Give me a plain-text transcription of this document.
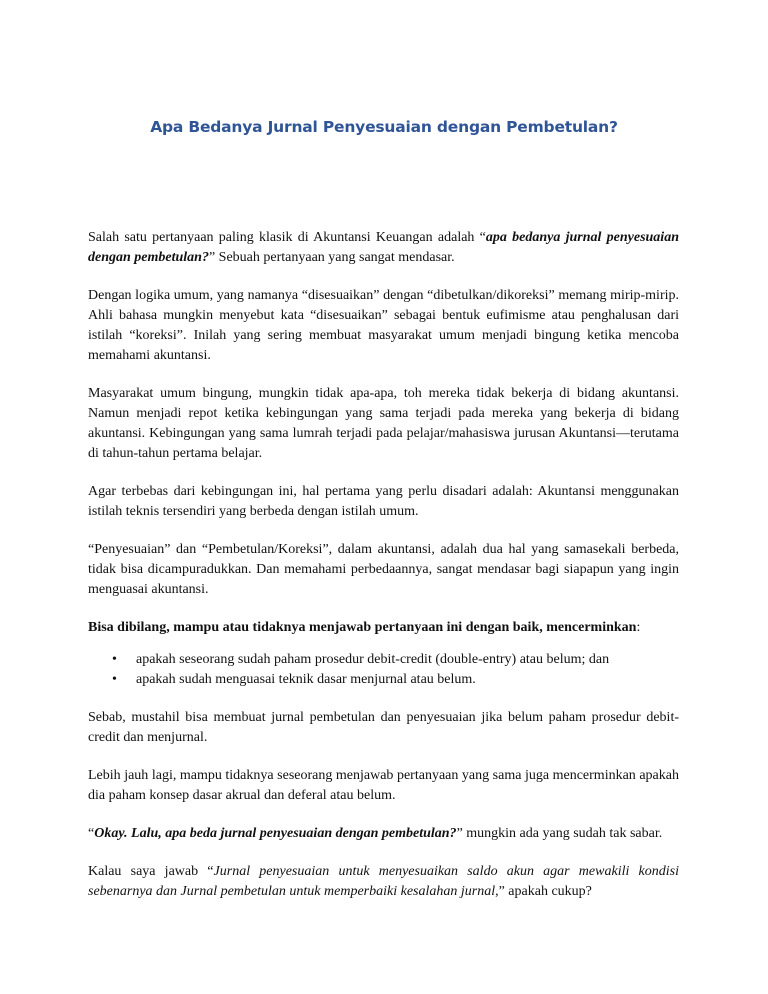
Apa Bedanya Jurnal Penyesuaian dengan Pembetulan?

Salah satu pertanyaan paling klasik di Akuntansi Keuangan adalah “apa bedanya jurnal penyesuaian dengan pembetulan?” Sebuah pertanyaan yang sangat mendasar.

Dengan logika umum, yang namanya “disesuaikan” dengan “dibetulkan/dikoreksi” memang mirip-mirip. Ahli bahasa mungkin menyebut kata “disesuaikan” sebagai bentuk eufimisme atau penghalusan dari istilah “koreksi”. Inilah yang sering membuat masyarakat umum menjadi bingung ketika mencoba memahami akuntansi.

Masyarakat umum bingung, mungkin tidak apa-apa, toh mereka tidak bekerja di bidang akuntansi. Namun menjadi repot ketika kebingungan yang sama terjadi pada mereka yang bekerja di bidang akuntansi. Kebingungan yang sama lumrah terjadi pada pelajar/mahasiswa jurusan Akuntansi—terutama di tahun-tahun pertama belajar.

Agar terbebas dari kebingungan ini, hal pertama yang perlu disadari adalah: Akuntansi menggunakan istilah teknis tersendiri yang berbeda dengan istilah umum.

“Penyesuaian” dan “Pembetulan/Koreksi”, dalam akuntansi, adalah dua hal yang samasekali berbeda, tidak bisa dicampuradukkan. Dan memahami perbedaannya, sangat mendasar bagi siapapun yang ingin menguasai akuntansi.

Bisa dibilang, mampu atau tidaknya menjawab pertanyaan ini dengan baik, mencerminkan:

• apakah seseorang sudah paham prosedur debit-credit (double-entry) atau belum; dan
• apakah sudah menguasai teknik dasar menjurnal atau belum.

Sebab, mustahil bisa membuat jurnal pembetulan dan penyesuaian jika belum paham prosedur debit-credit dan menjurnal.

Lebih jauh lagi, mampu tidaknya seseorang menjawab pertanyaan yang sama juga mencerminkan apakah dia paham konsep dasar akrual dan deferal atau belum.

“Okay. Lalu, apa beda jurnal penyesuaian dengan pembetulan?” mungkin ada yang sudah tak sabar.

Kalau saya jawab “Jurnal penyesuaian untuk menyesuaikan saldo akun agar mewakili kondisi sebenarnya dan Jurnal pembetulan untuk memperbaiki kesalahan jurnal,” apakah cukup?
